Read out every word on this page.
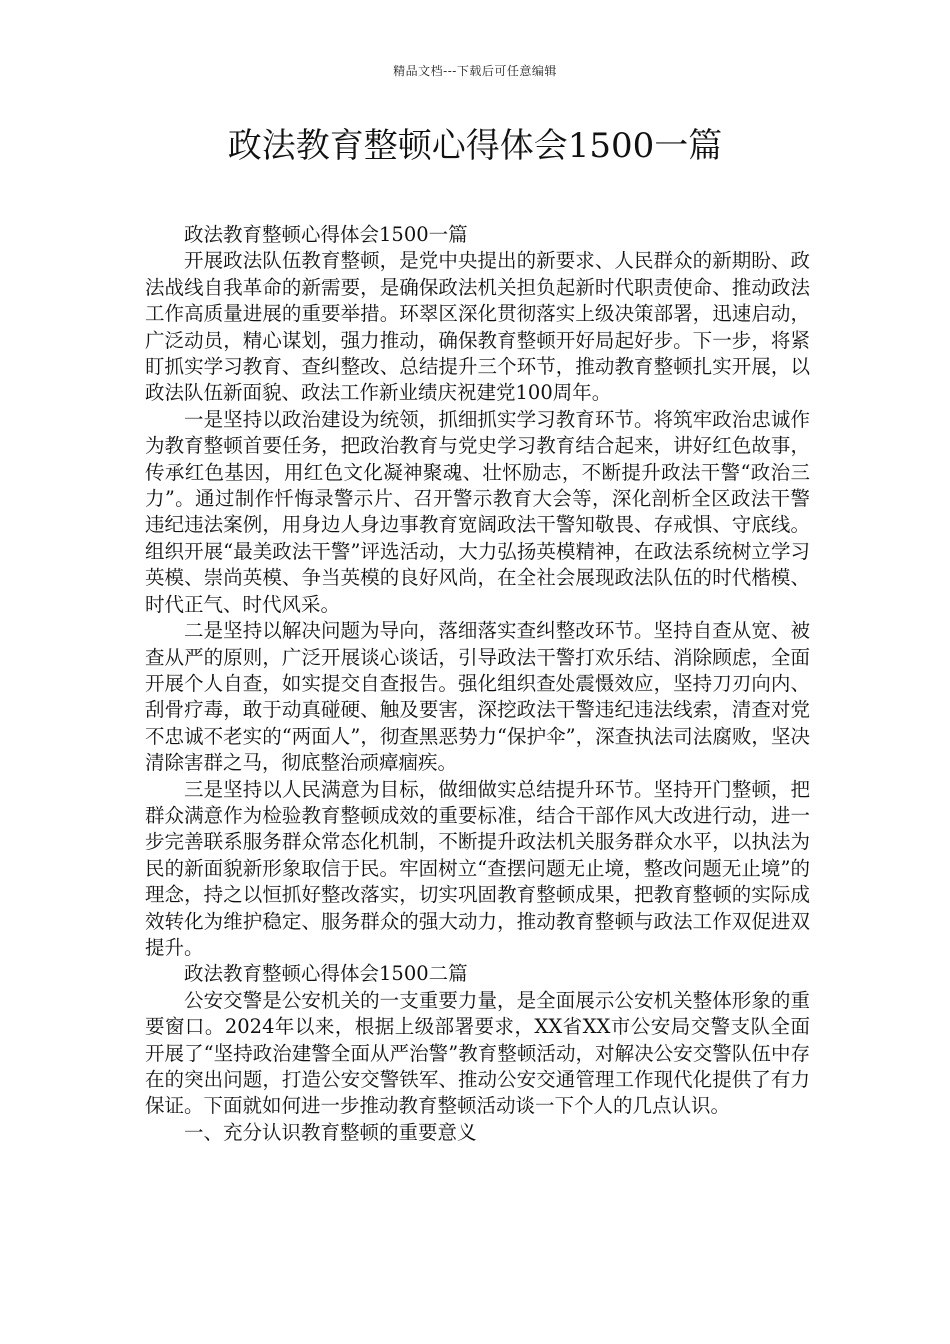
精品文档---下载后可任意编辑
政法教育整顿心得体会1500一篇

政法教育整顿心得体会1500一篇

开展政法队伍教育整顿，是党中央提出的新要求、人民群众的新期盼、政法战线自我革命的新需要，是确保政法机关担负起新时代职责使命、推动政法工作高质量进展的重要举措。环翠区深化贯彻落实上级决策部署，迅速启动，广泛动员，精心谋划，强力推动，确保教育整顿开好局起好步。下一步，将紧盯抓实学习教育、查纠整改、总结提升三个环节，推动教育整顿扎实开展，以政法队伍新面貌、政法工作新业绩庆祝建党100周年。

一是坚持以政治建设为统领，抓细抓实学习教育环节。将筑牢政治忠诚作为教育整顿首要任务，把政治教育与党史学习教育结合起来，讲好红色故事，传承红色基因，用红色文化凝神聚魂、壮怀励志，不断提升政法干警“政治三力”。通过制作忏悔录警示片、召开警示教育大会等，深化剖析全区政法干警违纪违法案例，用身边人身边事教育宽阔政法干警知敬畏、存戒惧、守底线。组织开展“最美政法干警”评选活动，大力弘扬英模精神，在政法系统树立学习英模、崇尚英模、争当英模的良好风尚，在全社会展现政法队伍的时代楷模、时代正气、时代风采。

二是坚持以解决问题为导向，落细落实查纠整改环节。坚持自查从宽、被查从严的原则，广泛开展谈心谈话，引导政法干警打欢乐结、消除顾虑，全面开展个人自查，如实提交自查报告。强化组织查处震慑效应，坚持刀刃向内、刮骨疗毒，敢于动真碰硬、触及要害，深挖政法干警违纪违法线索，清查对党不忠诚不老实的“两面人”，彻查黑恶势力“保护伞”，深查执法司法腐败，坚决清除害群之马，彻底整治顽瘴痼疾。

三是坚持以人民满意为目标，做细做实总结提升环节。坚持开门整顿，把群众满意作为检验教育整顿成效的重要标准，结合干部作风大改进行动，进一步完善联系服务群众常态化机制，不断提升政法机关服务群众水平，以执法为民的新面貌新形象取信于民。牢固树立“查摆问题无止境，整改问题无止境”的理念，持之以恒抓好整改落实，切实巩固教育整顿成果，把教育整顿的实际成效转化为维护稳定、服务群众的强大动力，推动教育整顿与政法工作双促进双提升。

政法教育整顿心得体会1500二篇

公安交警是公安机关的一支重要力量，是全面展示公安机关整体形象的重要窗口。2024年以来，根据上级部署要求，XX省XX市公安局交警支队全面开展了“坚持政治建警全面从严治警”教育整顿活动，对解决公安交警队伍中存在的突出问题，打造公安交警铁军、推动公安交通管理工作现代化提供了有力保证。下面就如何进一步推动教育整顿活动谈一下个人的几点认识。

一、充分认识教育整顿的重要意义
